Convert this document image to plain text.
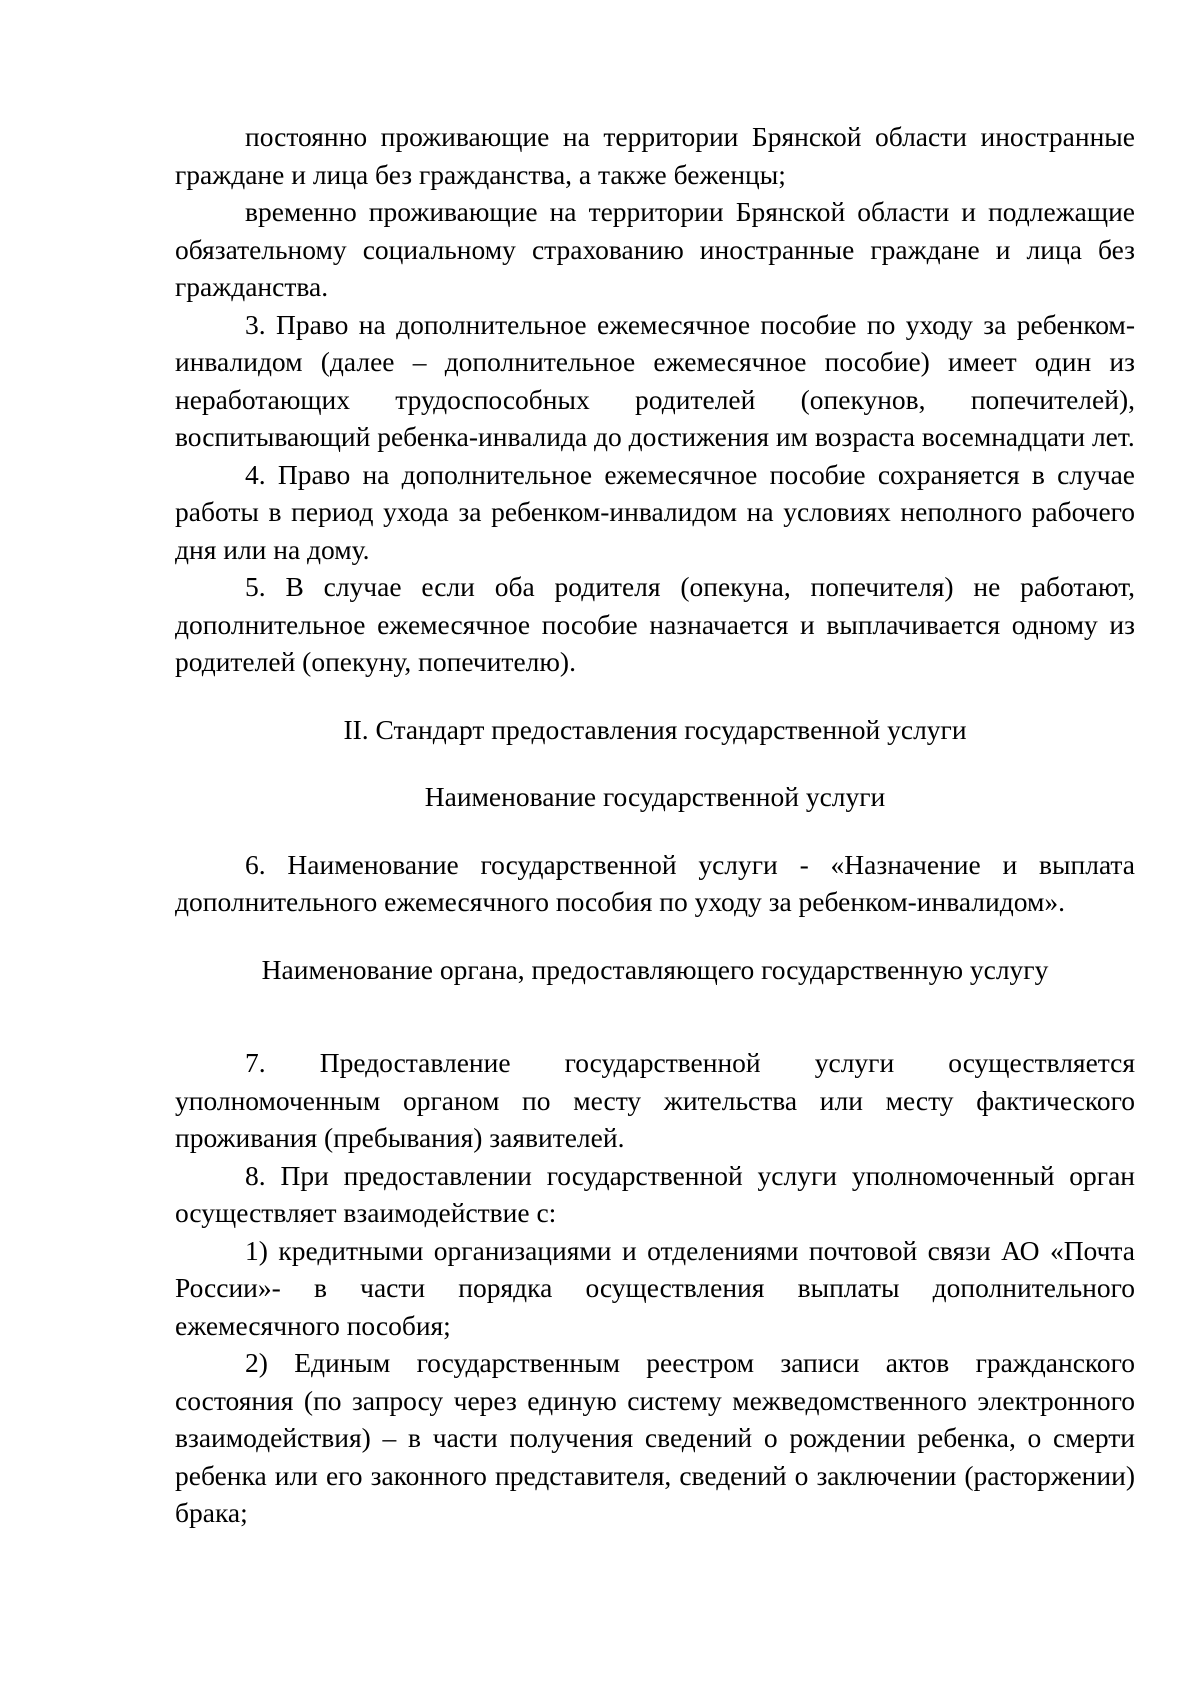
постоянно проживающие на территории Брянской области иностранные граждане и лица без гражданства, а также беженцы;

временно проживающие на территории Брянской области и подлежащие обязательному социальному страхованию иностранные граждане и лица без гражданства.

3. Право на дополнительное ежемесячное пособие по уходу за ребенком-инвалидом (далее – дополнительное ежемесячное пособие) имеет один из неработающих трудоспособных родителей (опекунов, попечителей), воспитывающий ребенка-инвалида до достижения им возраста восемнадцати лет.

4. Право на дополнительное ежемесячное пособие сохраняется в случае работы в период ухода за ребенком-инвалидом на условиях неполного рабочего дня или на дому.

5. В случае если оба родителя (опекуна, попечителя) не работают, дополнительное ежемесячное пособие назначается и выплачивается одному из родителей (опекуну, попечителю).

II. Стандарт предоставления государственной услуги

Наименование государственной услуги

6. Наименование государственной услуги - «Назначение и выплата дополнительного ежемесячного пособия по уходу за ребенком-инвалидом».

Наименование органа, предоставляющего государственную услугу

7. Предоставление государственной услуги осуществляется уполномоченным органом по месту жительства или месту фактического проживания (пребывания) заявителей.

8. При предоставлении государственной услуги уполномоченный орган осуществляет взаимодействие с:

1) кредитными организациями и отделениями почтовой связи АО «Почта России»- в части порядка осуществления выплаты дополнительного ежемесячного пособия;

2) Единым государственным реестром записи актов гражданского состояния (по запросу через единую систему межведомственного электронного взаимодействия) – в части получения сведений о рождении ребенка, о смерти ребенка или его законного представителя, сведений о заключении (расторжении) брака;
